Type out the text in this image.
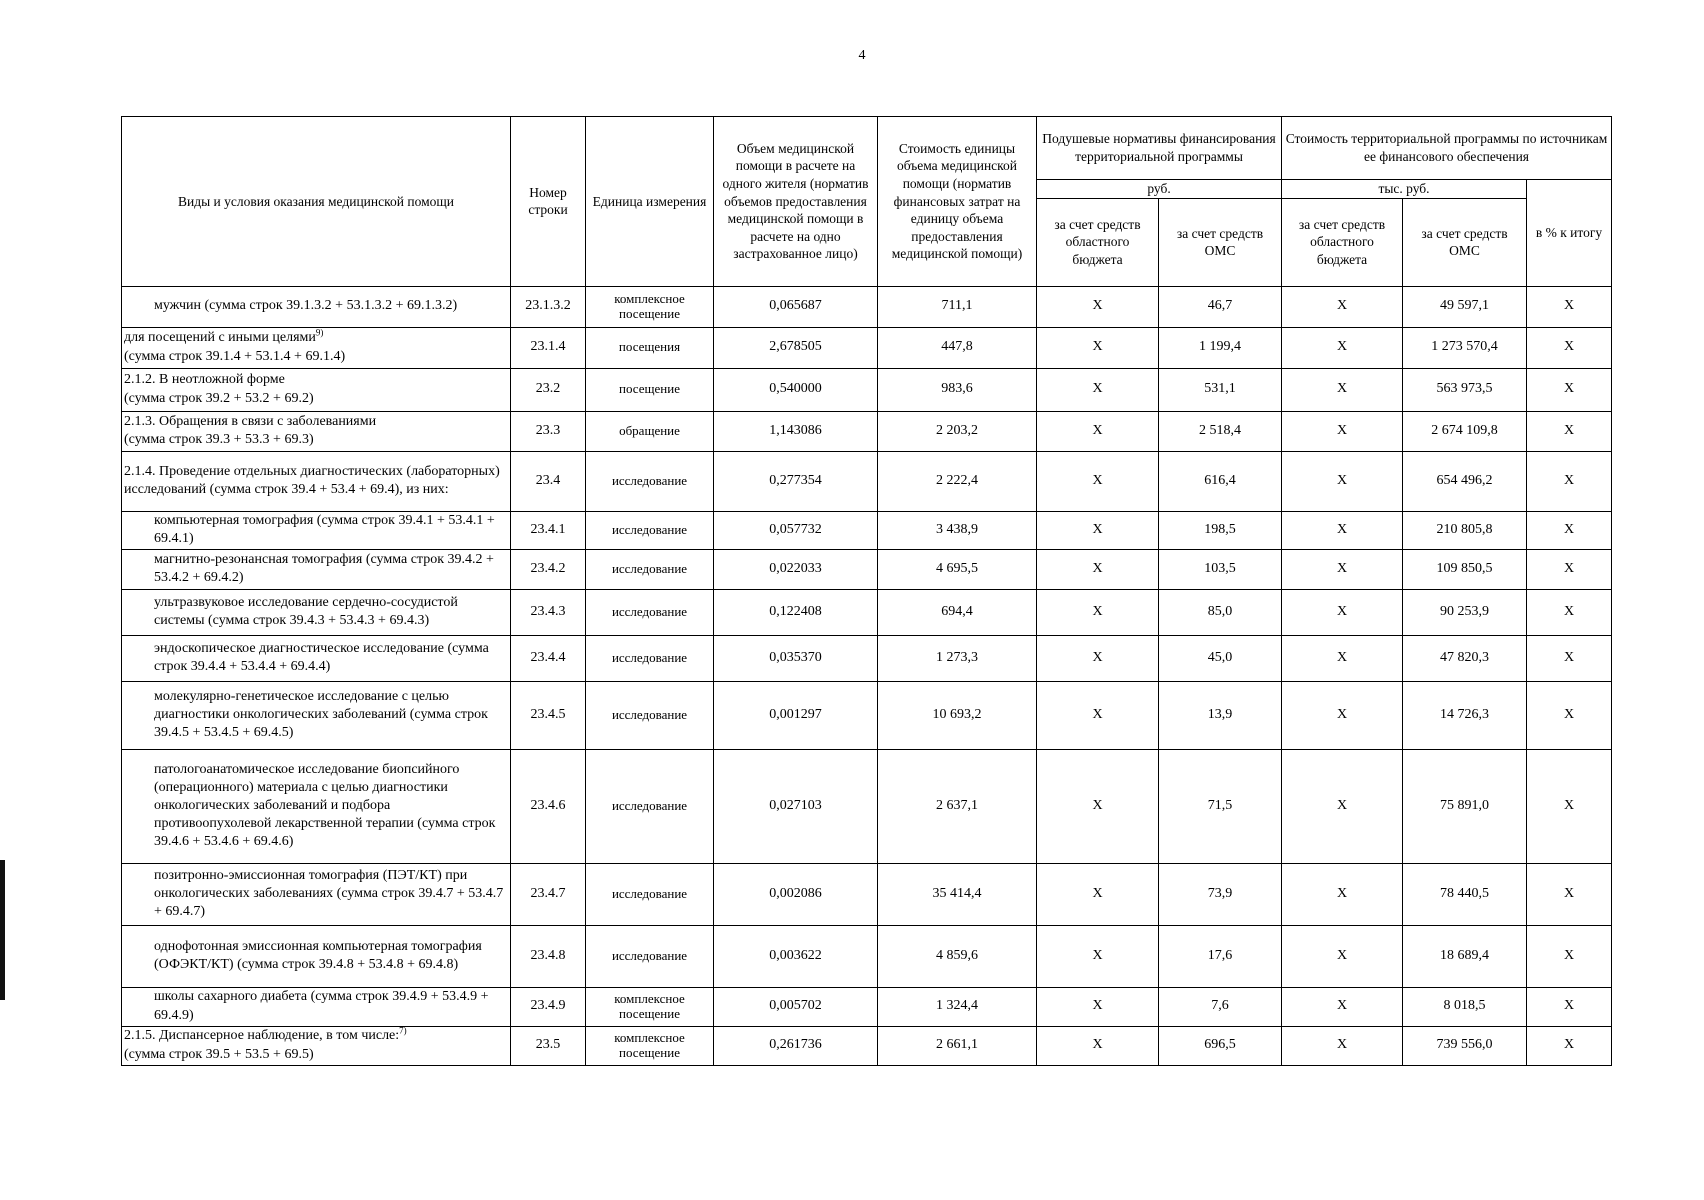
4
Виды и условия оказания медицинской помощи	Номер строки	Единица измерения	Объем медицинской помощи в расчете на одного жителя (норматив объемов предоставления медицинской помощи в расчете на одно застрахованное лицо)	Стоимость единицы объема медицинской помощи (норматив финансовых затрат на единицу объема предоставления медицинской помощи)	Подушевые нормативы финансирования территориальной программы		Стоимость территориальной программы по источникам ее финансового обеспечения		
					руб.		тыс. руб.		в % к итогу
					за счет средств областного бюджета	за счет средств ОМС	за счет средств областного бюджета	за счет средств ОМС	
мужчин (сумма строк 39.1.3.2 + 53.1.3.2 + 69.1.3.2)	23.1.3.2	комплексное посещение	0,065687	711,1	X	46,7	X	49 597,1	X
для посещений с иными целями$^{9)}$
(сумма строк 39.1.4 + 53.1.4 + 69.1.4)	23.1.4	посещения	2,678505	447,8	X	1 199,4	X	1 273 570,4	X
2.1.2. В неотложной форме
(сумма строк 39.2 + 53.2 + 69.2)	23.2	посещение	0,540000	983,6	X	531,1	X	563 973,5	X
2.1.3. Обращения в связи с заболеваниями
(сумма строк 39.3 + 53.3 + 69.3)	23.3	обращение	1,143086	2 203,2	X	2 518,4	X	2 674 109,8	X
2.1.4. Проведение отдельных диагностических (лабораторных) исследований (сумма строк 39.4 + 53.4 + 69.4), из них:	23.4	исследование	0,277354	2 222,4	X	616,4	X	654 496,2	X
компьютерная томография (сумма строк 39.4.1 + 53.4.1 + 69.4.1)	23.4.1	исследование	0,057732	3 438,9	X	198,5	X	210 805,8	X
магнитно-резонансная томография (сумма строк 39.4.2 + 53.4.2 + 69.4.2)	23.4.2	исследование	0,022033	4 695,5	X	103,5	X	109 850,5	X
ультразвуковое исследование сердечно-сосудистой системы (сумма строк 39.4.3 + 53.4.3 + 69.4.3)	23.4.3	исследование	0,122408	694,4	X	85,0	X	90 253,9	X
эндоскопическое диагностическое исследование (сумма строк 39.4.4 + 53.4.4 + 69.4.4)	23.4.4	исследование	0,035370	1 273,3	X	45,0	X	47 820,3	X
молекулярно-генетическое исследование с целью диагностики онкологических заболеваний (сумма строк 39.4.5 + 53.4.5 + 69.4.5)	23.4.5	исследование	0,001297	10 693,2	X	13,9	X	14 726,3	X
патологоанатомическое исследование биопсийного (операционного) материала с целью диагностики онкологических заболеваний и подбора противоопухолевой лекарственной терапии (сумма строк 39.4.6 + 53.4.6 + 69.4.6)	23.4.6	исследование	0,027103	2 637,1	X	71,5	X	75 891,0	X
позитронно-эмиссионная томография (ПЭТ/КТ) при онкологических заболеваниях (сумма строк 39.4.7 + 53.4.7 + 69.4.7)	23.4.7	исследование	0,002086	35 414,4	X	73,9	X	78 440,5	X
однофотонная эмиссионная компьютерная томография (ОФЭКТ/КТ) (сумма строк 39.4.8 + 53.4.8 + 69.4.8)	23.4.8	исследование	0,003622	4 859,6	X	17,6	X	18 689,4	X
школы сахарного диабета (сумма строк 39.4.9 + 53.4.9 + 69.4.9)	23.4.9	комплексное посещение	0,005702	1 324,4	X	7,6	X	8 018,5	X
2.1.5. Диспансерное наблюдение, в том числе:$^{7)}$
(сумма строк 39.5 + 53.5 + 69.5)	23.5	комплексное посещение	0,261736	2 661,1	X	696,5	X	739 556,0	X
